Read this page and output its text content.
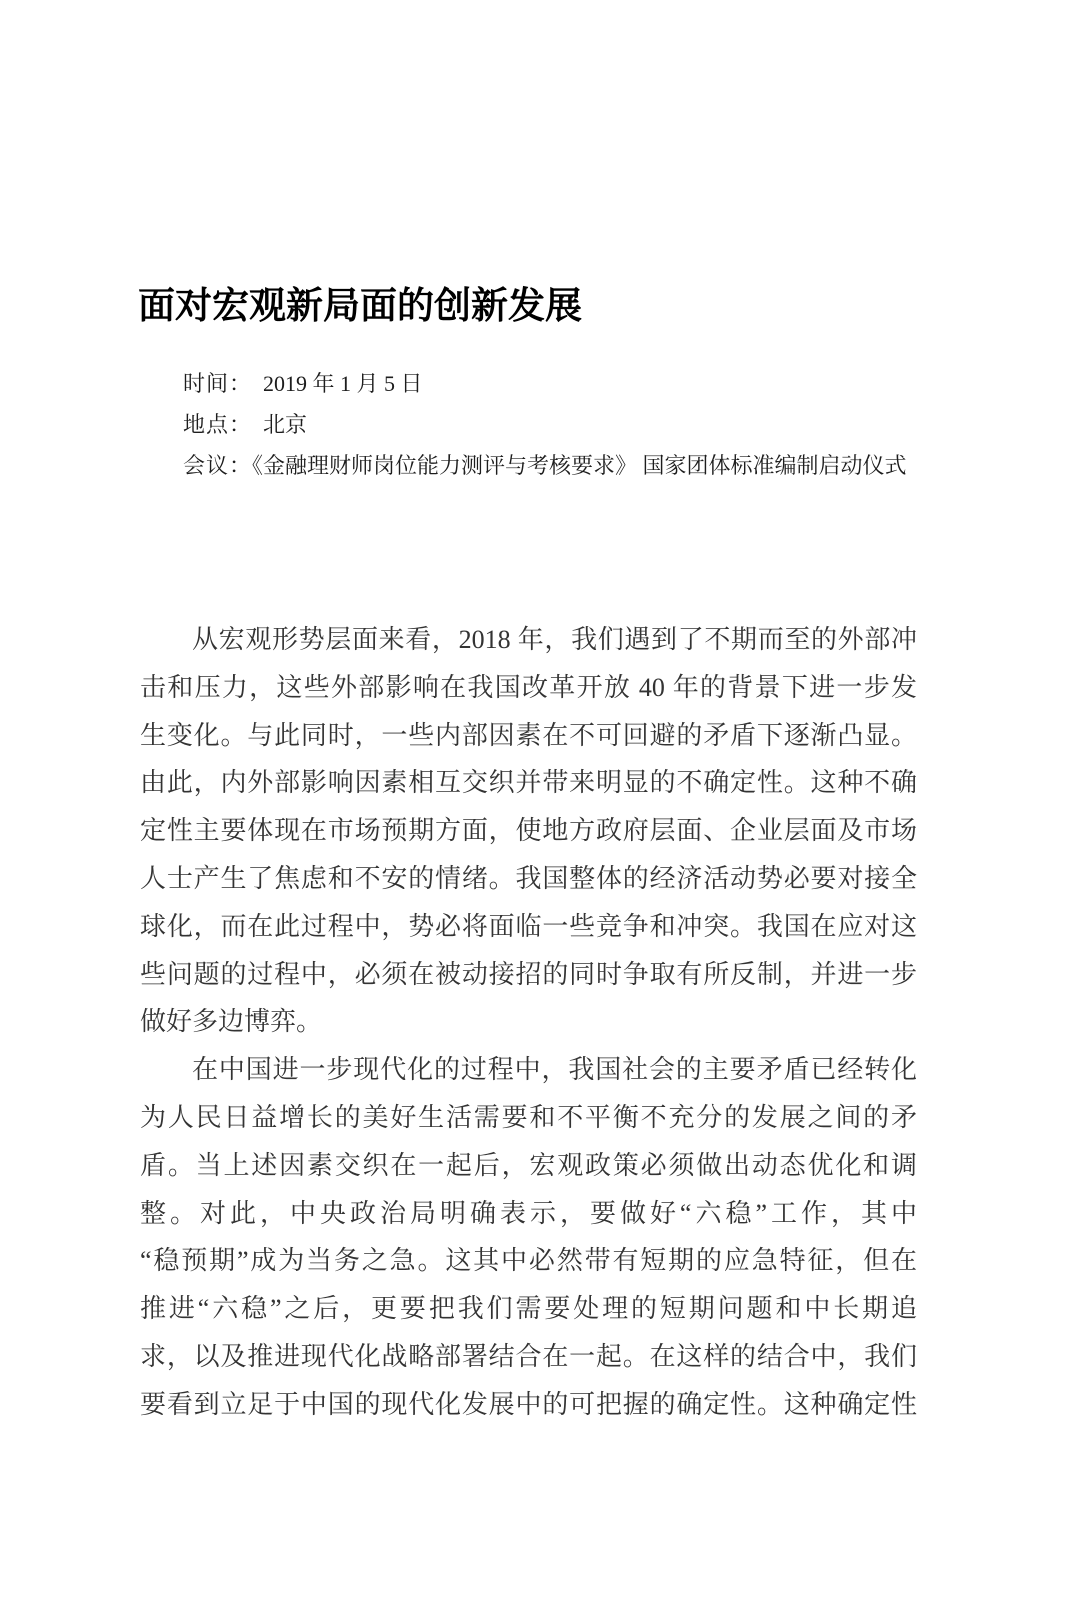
面对宏观新局面的创新发展
时间：　2019 年 1 月 5 日
地点：　北京
会议：《金融理财师岗位能力测评与考核要求》 国家团体标准编制启动仪式
从宏观形势层面来看，2018 年，我们遇到了不期而至的外部冲
击和压力，这些外部影响在我国改革开放 40 年的背景下进一步发
生变化。与此同时，一些内部因素在不可回避的矛盾下逐渐凸显。
由此，内外部影响因素相互交织并带来明显的不确定性。这种不确
定性主要体现在市场预期方面，使地方政府层面、企业层面及市场
人士产生了焦虑和不安的情绪。我国整体的经济活动势必要对接全
球化，而在此过程中，势必将面临一些竞争和冲突。我国在应对这
些问题的过程中，必须在被动接招的同时争取有所反制，并进一步
做好多边博弈。
在中国进一步现代化的过程中，我国社会的主要矛盾已经转化
为人民日益增长的美好生活需要和不平衡不充分的发展之间的矛
盾。当上述因素交织在一起后，宏观政策必须做出动态优化和调
整。对此，中央政治局明确表示，要做好“六稳”工作，其中
“稳预期”成为当务之急。这其中必然带有短期的应急特征，但在
推进“六稳”之后，更要把我们需要处理的短期问题和中长期追
求，以及推进现代化战略部署结合在一起。在这样的结合中，我们
要看到立足于中国的现代化发展中的可把握的确定性。这种确定性
